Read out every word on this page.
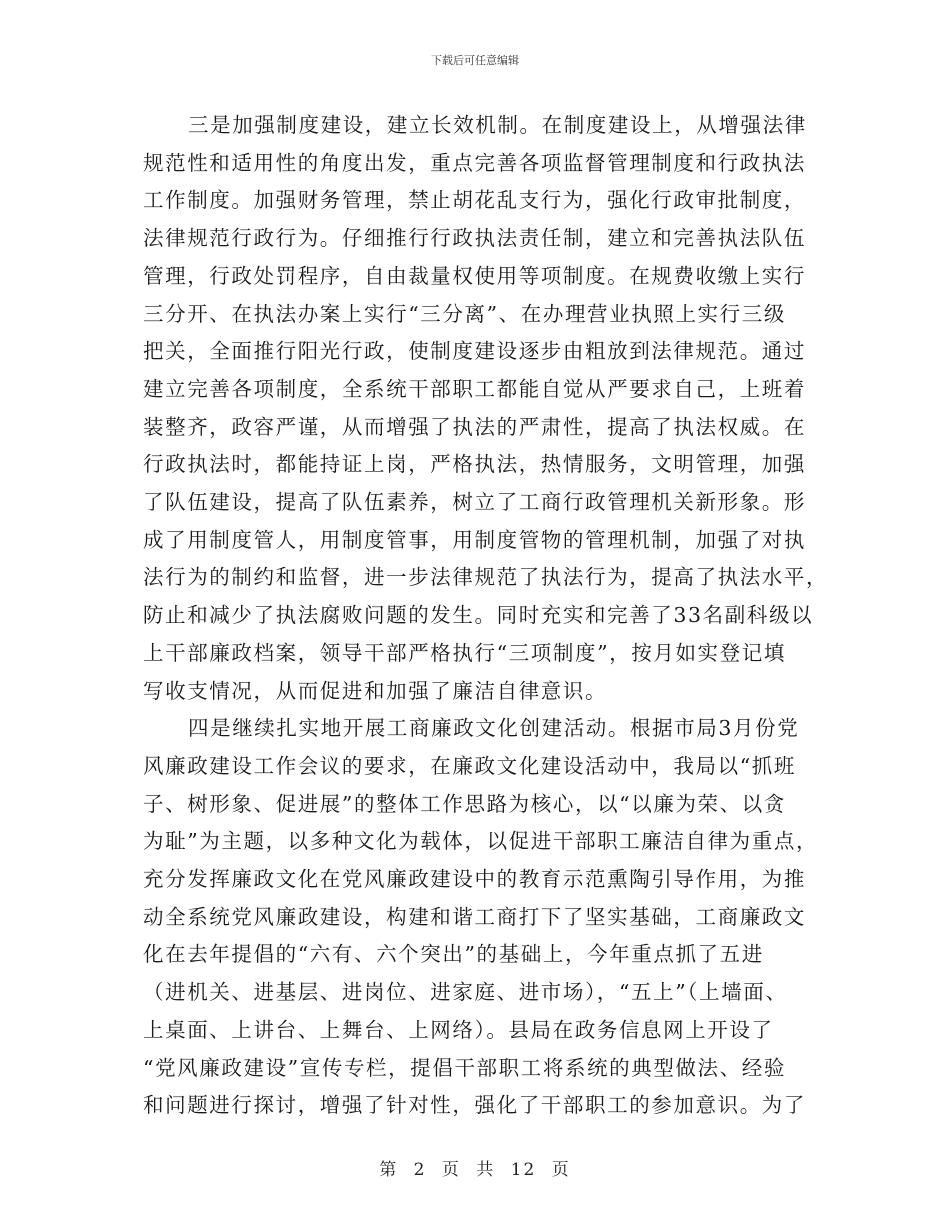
下载后可任意编辑
三是加强制度建设，建立长效机制。在制度建设上，从增强法律
规范性和适用性的角度出发，重点完善各项监督管理制度和行政执法
工作制度。加强财务管理，禁止胡花乱支行为，强化行政审批制度，
法律规范行政行为。仔细推行行政执法责任制，建立和完善执法队伍
管理，行政处罚程序，自由裁量权使用等项制度。在规费收缴上实行
三分开、在执法办案上实行“三分离”、在办理营业执照上实行三级
把关，全面推行阳光行政，使制度建设逐步由粗放到法律规范。通过
建立完善各项制度，全系统干部职工都能自觉从严要求自己，上班着
装整齐，政容严谨，从而增强了执法的严肃性，提高了执法权威。在
行政执法时，都能持证上岗，严格执法，热情服务，文明管理，加强
了队伍建设，提高了队伍素养，树立了工商行政管理机关新形象。形
成了用制度管人，用制度管事，用制度管物的管理机制，加强了对执
法行为的制约和监督，进一步法律规范了执法行为，提高了执法水平，
防止和减少了执法腐败问题的发生。同时充实和完善了33名副科级以
上干部廉政档案，领导干部严格执行“三项制度”，按月如实登记填
写收支情况，从而促进和加强了廉洁自律意识。
四是继续扎实地开展工商廉政文化创建活动。根据市局3月份党
风廉政建设工作会议的要求，在廉政文化建设活动中，我局以“抓班
子、树形象、促进展”的整体工作思路为核心，以“以廉为荣、以贪
为耻”为主题，以多种文化为载体，以促进干部职工廉洁自律为重点，
充分发挥廉政文化在党风廉政建设中的教育示范熏陶引导作用，为推
动全系统党风廉政建设，构建和谐工商打下了坚实基础，工商廉政文
化在去年提倡的“六有、六个突出”的基础上，今年重点抓了五进
（进机关、进基层、进岗位、进家庭、进市场），“五上”（上墙面、
上桌面、上讲台、上舞台、上网络）。县局在政务信息网上开设了
“党风廉政建设”宣传专栏，提倡干部职工将系统的典型做法、经验
和问题进行探讨，增强了针对性，强化了干部职工的参加意识。为了
第 2 页 共 12 页
